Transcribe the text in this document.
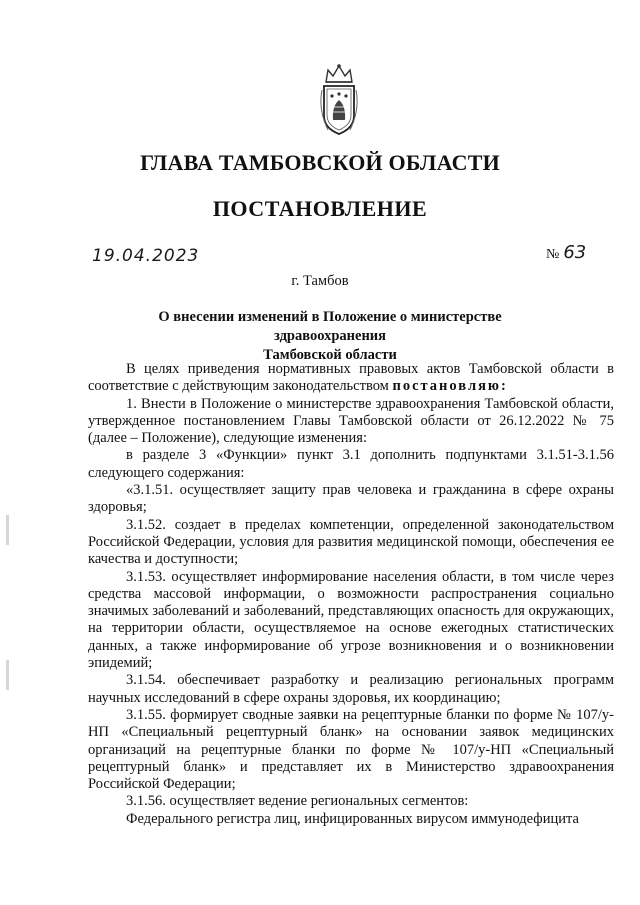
ГЛАВА ТАМБОВСКОЙ ОБЛАСТИ
ПОСТАНОВЛЕНИЕ
19.04.2023	№ 63
г. Тамбов
О внесении изменений в Положение о министерстве здравоохранения
Тамбовской области

В целях приведения нормативных правовых актов Тамбовской области в соответствие с действующим законодательством постановляю:

1. Внести в Положение о министерстве здравоохранения Тамбовской области, утвержденное постановлением Главы Тамбовской области от 26.12.2022 № 75 (далее – Положение), следующие изменения:

в разделе 3 «Функции» пункт 3.1 дополнить подпунктами 3.1.51-3.1.56 следующего содержания:

«3.1.51. осуществляет защиту прав человека и гражданина в сфере охраны здоровья;

3.1.52. создает в пределах компетенции, определенной законодательством Российской Федерации, условия для развития медицинской помощи, обеспечения ее качества и доступности;

3.1.53. осуществляет информирование населения области, в том числе через средства массовой информации, о возможности распространения социально значимых заболеваний и заболеваний, представляющих опасность для окружающих, на территории области, осуществляемое на основе ежегодных статистических данных, а также информирование об угрозе возникновения и о возникновении эпидемий;

3.1.54. обеспечивает разработку и реализацию региональных программ научных исследований в сфере охраны здоровья, их координацию;

3.1.55. формирует сводные заявки на рецептурные бланки по форме № 107/у-НП «Специальный рецептурный бланк» на основании заявок медицинских организаций на рецептурные бланки по форме № 107/у-НП «Специальный рецептурный бланк» и представляет их в Министерство здравоохранения Российской Федерации;

3.1.56. осуществляет ведение региональных сегментов:

Федерального регистра лиц, инфицированных вирусом иммунодефицита
